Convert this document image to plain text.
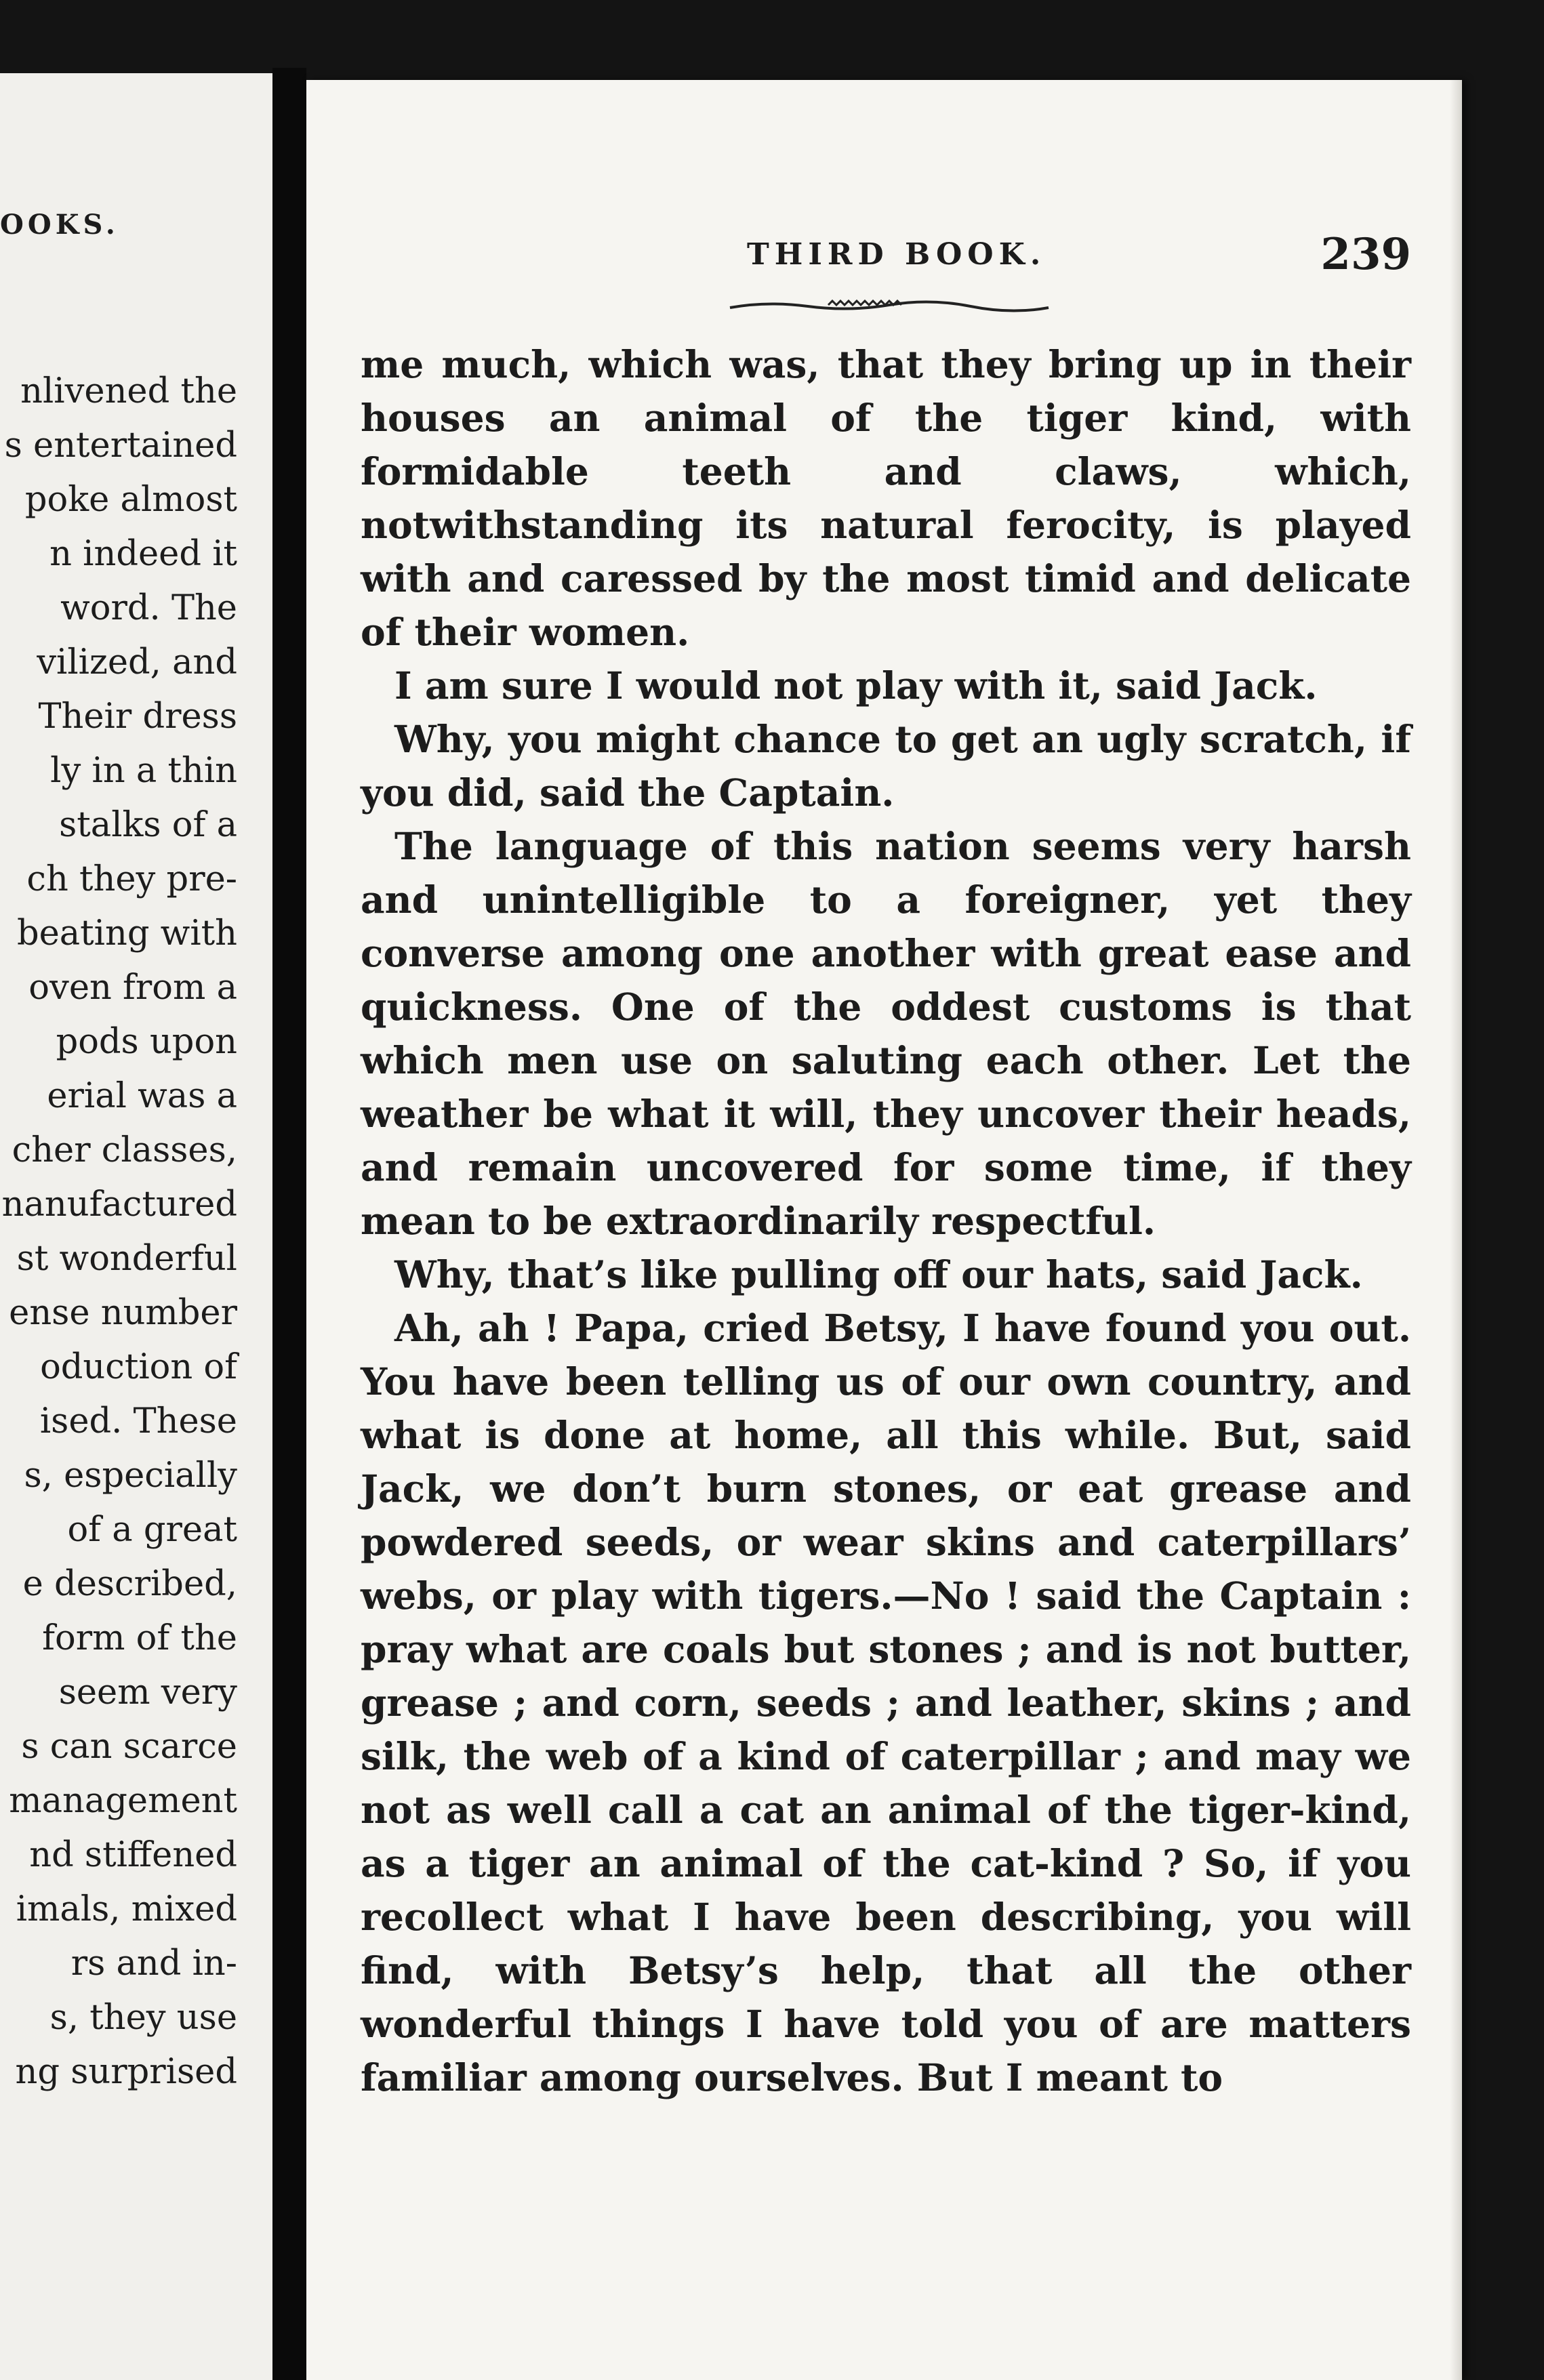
OOKS.
nlivened the
s entertained
poke almost
n indeed it
word. The
vilized, and
Their dress
ly in a thin
stalks of a
ch they pre-
beating with
oven from a
pods upon
erial was a
cher classes,
nanufactured
st wonderful
ense number
oduction of
ised. These
s, especially
of a great
e described,
form of the
seem very
s can scarce
management
nd stiffened
imals, mixed
rs and in-
s, they use
ng surprised
THIRD BOOK.	239

me much, which was, that they bring up in their houses an animal of the tiger kind, with formidable teeth and claws, which, notwithstanding its natural ferocity, is played with and caressed by the most timid and delicate of their women.

I am sure I would not play with it, said Jack.

Why, you might chance to get an ugly scratch, if you did, said the Captain.

The language of this nation seems very harsh and unintelligible to a foreigner, yet they converse among one another with great ease and quickness. One of the oddest customs is that which men use on saluting each other. Let the weather be what it will, they uncover their heads, and remain uncovered for some time, if they mean to be extraordinarily respectful.

Why, that’s like pulling off our hats, said Jack.

Ah, ah ! Papa, cried Betsy, I have found you out. You have been telling us of our own country, and what is done at home, all this while. But, said Jack, we don’t burn stones, or eat grease and powdered seeds, or wear skins and caterpillars’ webs, or play with tigers.—No ! said the Captain : pray what are coals but stones ; and is not butter, grease ; and corn, seeds ; and leather, skins ; and silk, the web of a kind of caterpillar ; and may we not as well call a cat an animal of the tiger-kind, as a tiger an animal of the cat-kind ? So, if you recollect what I have been describing, you will find, with Betsy’s help, that all the other wonderful things I have told you of are matters familiar among ourselves. But I meant to
